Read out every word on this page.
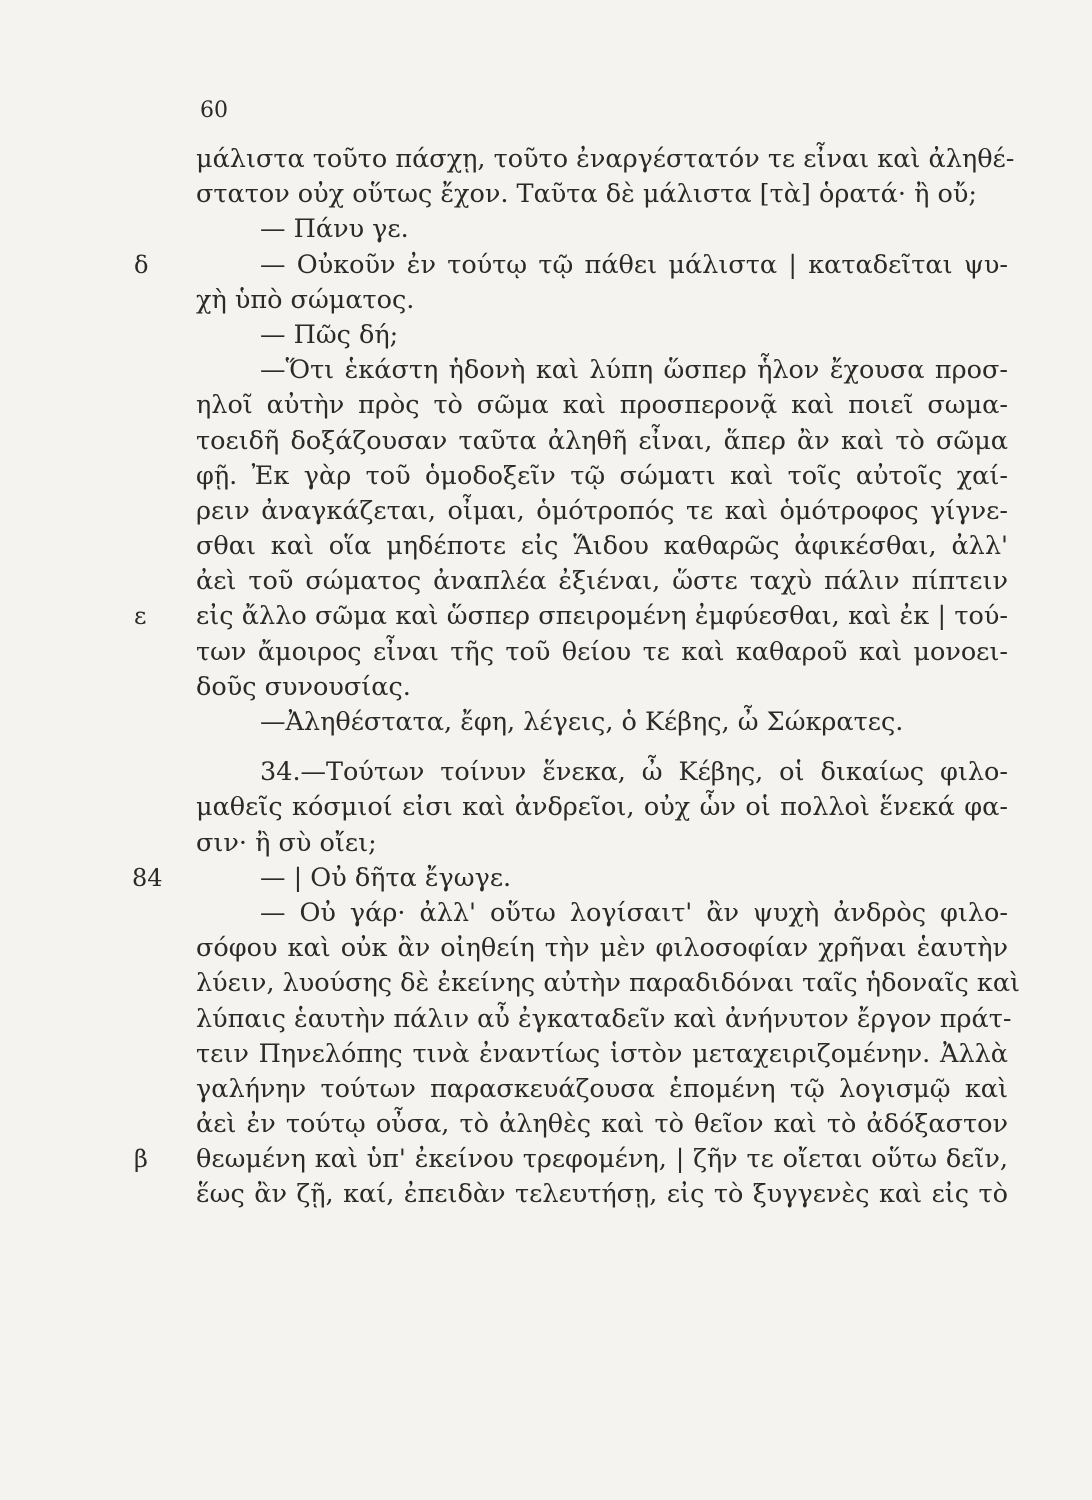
60
μάλιστα τοῦτο πάσχῃ, τοῦτο ἐναργέστατόν τε εἶναι καὶ ἀληθέ-
στατον οὐχ οὕτως ἔχον. Ταῦτα δὲ μάλιστα [τὰ] ὁρατά· ἢ οὔ;
— Πάνυ γε.
δ	— Οὐκοῦν ἐν τούτῳ τῷ πάθει μάλιστα | καταδεῖται ψυ-
χὴ ὑπὸ σώματος.
— Πῶς δή;
—Ὅτι ἑκάστη ἡδονὴ καὶ λύπη ὥσπερ ἧλον ἔχουσα προσ-
ηλοῖ αὐτὴν πρὸς τὸ σῶμα καὶ προσπερονᾷ καὶ ποιεῖ σωμα-
τοειδῆ δοξάζουσαν ταῦτα ἀληθῆ εἶναι, ἅπερ ἂν καὶ τὸ σῶμα
φῇ. Ἐκ γὰρ τοῦ ὁμοδοξεῖν τῷ σώματι καὶ τοῖς αὐτοῖς χαί-
ρειν ἀναγκάζεται, οἶμαι, ὁμότροπός τε καὶ ὁμότροφος γίγνε-
σθαι καὶ οἵα μηδέποτε εἰς Ἅιδου καθαρῶς ἀφικέσθαι, ἀλλ'
ἀεὶ τοῦ σώματος ἀναπλέα ἐξιέναι, ὥστε ταχὺ πάλιν πίπτειν
ε εἰς ἄλλο σῶμα καὶ ὥσπερ σπειρομένη ἐμφύεσθαι, καὶ ἐκ | τού-
των ἄμοιρος εἶναι τῆς τοῦ θείου τε καὶ καθαροῦ καὶ μονοει-
δοῦς συνουσίας.
—Ἀληθέστατα, ἔφη, λέγεις, ὁ Κέβης, ὦ Σώκρατες.
34.—Τούτων τοίνυν ἕνεκα, ὦ Κέβης, οἱ δικαίως φιλο-
μαθεῖς κόσμιοί εἰσι καὶ ἀνδρεῖοι, οὐχ ὧν οἱ πολλοὶ ἕνεκά φα-
σιν· ἢ σὺ οἴει;
84	— | Οὐ δῆτα ἔγωγε.
— Οὐ γάρ· ἀλλ' οὕτω λογίσαιτ' ἂν ψυχὴ ἀνδρὸς φιλο-
σόφου καὶ οὐκ ἂν οἰηθείη τὴν μὲν φιλοσοφίαν χρῆναι ἑαυτὴν
λύειν, λυούσης δὲ ἐκείνης αὐτὴν παραδιδόναι ταῖς ἡδοναῖς καὶ
λύπαις ἑαυτὴν πάλιν αὖ ἐγκαταδεῖν καὶ ἀνήνυτον ἔργον πράτ-
τειν Πηνελόπης τινὰ ἐναντίως ἱστὸν μεταχειριζομένην. Ἀλλὰ
γαλήνην τούτων παρασκευάζουσα ἑπομένη τῷ λογισμῷ καὶ
ἀεὶ ἐν τούτῳ οὖσα, τὸ ἀληθὲς καὶ τὸ θεῖον καὶ τὸ ἀδόξαστον
β θεωμένη καὶ ὑπ' ἐκείνου τρεφομένη, | ζῆν τε οἴεται οὕτω δεῖν,
ἕως ἂν ζῇ, καί, ἐπειδὰν τελευτήσῃ, εἰς τὸ ξυγγενὲς καὶ εἰς τὸ
